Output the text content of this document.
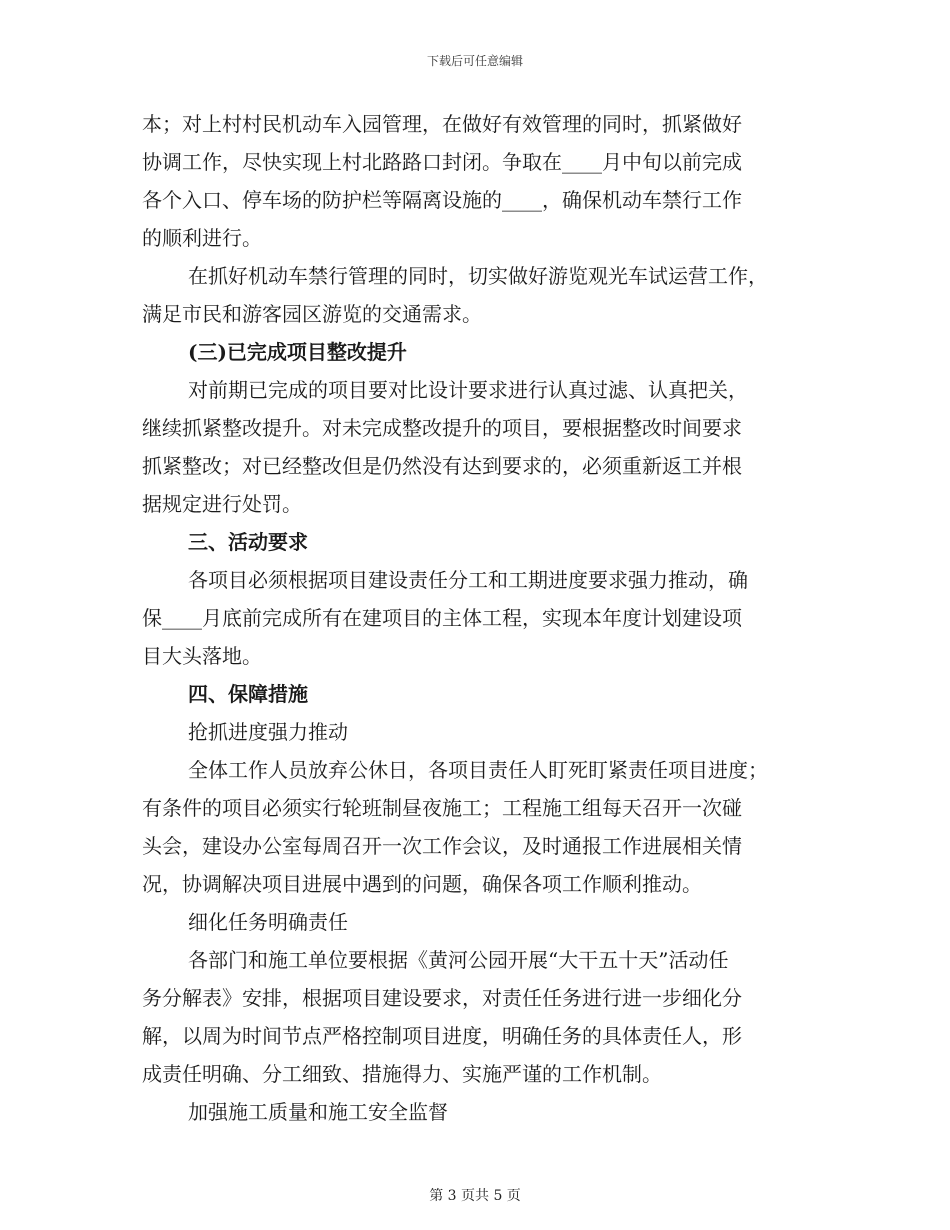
下载后可任意编辑
本；对上村村民机动车入园管理，在做好有效管理的同时，抓紧做好
协调工作，尽快实现上村北路路口封闭。争取在____月中旬以前完成
各个入口、停车场的防护栏等隔离设施的____，确保机动车禁行工作
的顺利进行。
在抓好机动车禁行管理的同时，切实做好游览观光车试运营工作，
满足市民和游客园区游览的交通需求。
(三)已完成项目整改提升
对前期已完成的项目要对比设计要求进行认真过滤、认真把关，
继续抓紧整改提升。对未完成整改提升的项目，要根据整改时间要求
抓紧整改；对已经整改但是仍然没有达到要求的，必须重新返工并根
据规定进行处罚。
三、活动要求
各项目必须根据项目建设责任分工和工期进度要求强力推动，确
保____月底前完成所有在建项目的主体工程，实现本年度计划建设项
目大头落地。
四、保障措施
抢抓进度强力推动
全体工作人员放弃公休日，各项目责任人盯死盯紧责任项目进度；
有条件的项目必须实行轮班制昼夜施工；工程施工组每天召开一次碰
头会，建设办公室每周召开一次工作会议，及时通报工作进展相关情
况，协调解决项目进展中遇到的问题，确保各项工作顺利推动。
细化任务明确责任
各部门和施工单位要根据《黄河公园开展“大干五十天”活动任
务分解表》安排，根据项目建设要求，对责任任务进行进一步细化分
解，以周为时间节点严格控制项目进度，明确任务的具体责任人，形
成责任明确、分工细致、措施得力、实施严谨的工作机制。
加强施工质量和施工安全监督
第 3 页共 5 页
